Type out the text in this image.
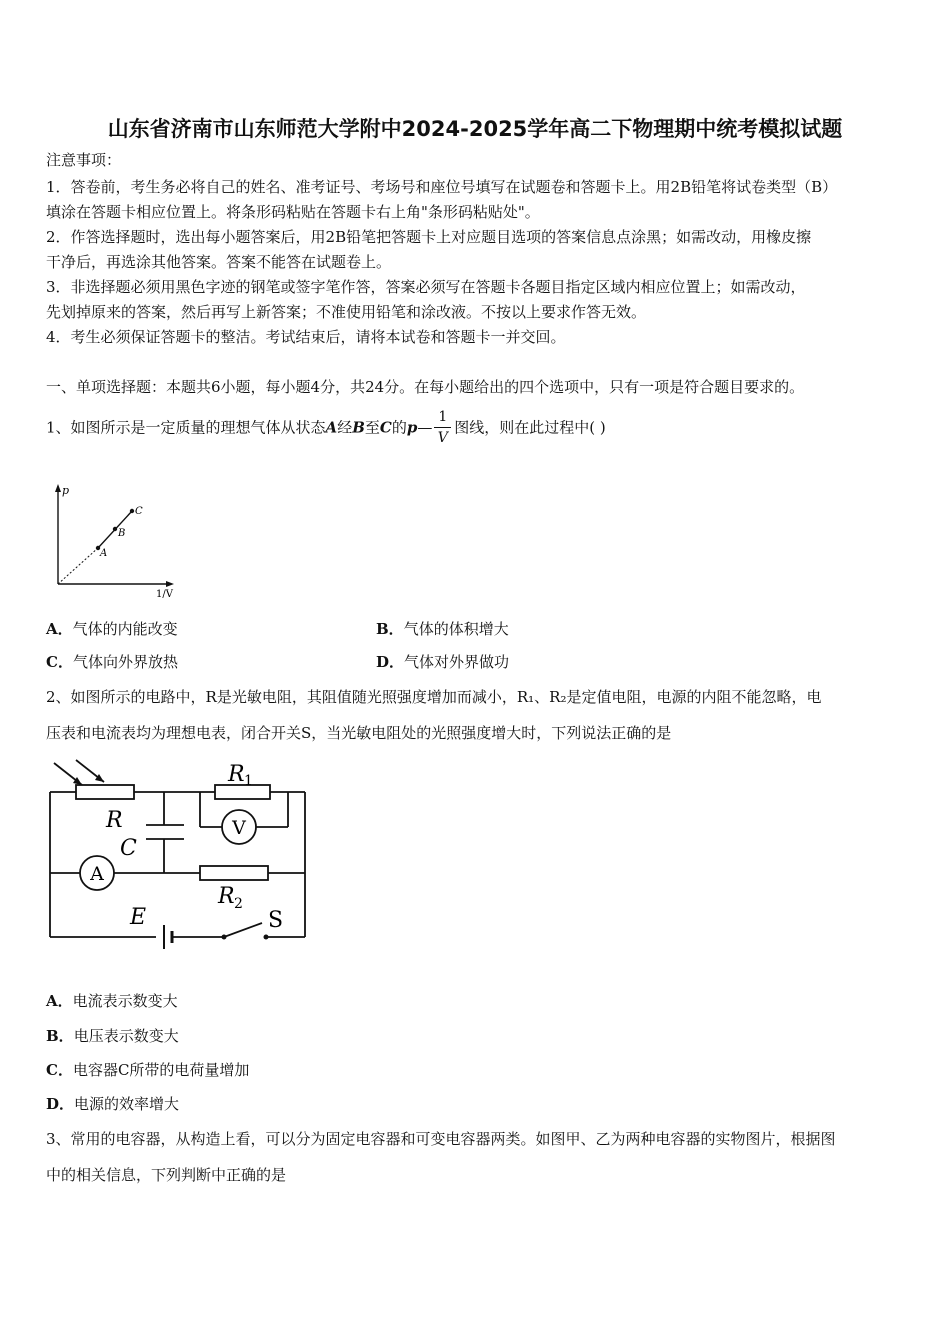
山东省济南市山东师范大学附中2024-2025学年高二下物理期中统考模拟试题
注意事项：
1．答卷前，考生务必将自己的姓名、准考证号、考场号和座位号填写在试题卷和答题卡上。用2B铅笔将试卷类型（B）
填涂在答题卡相应位置上。将条形码粘贴在答题卡右上角"条形码粘贴处"。
2．作答选择题时，选出每小题答案后，用2B铅笔把答题卡上对应题目选项的答案信息点涂黑；如需改动，用橡皮擦
干净后，再选涂其他答案。答案不能答在试题卷上。
3．非选择题必须用黑色字迹的钢笔或签字笔作答，答案必须写在答题卡各题目指定区域内相应位置上；如需改动，
先划掉原来的答案，然后再写上新答案；不准使用铅笔和涂改液。不按以上要求作答无效。
4．考生必须保证答题卡的整洁。考试结束后，请将本试卷和答题卡一并交回。
一、单项选择题：本题共6小题，每小题4分，共24分。在每小题给出的四个选项中，只有一项是符合题目要求的。
1、如图所示是一定质量的理想气体从状态A经B至C的p— $\frac{1}{V}$ 图线，则在此过程中( )
p
1/V
A
B
C
A．气体的内能改变	B．气体的体积增大
C．气体向外界放热	D．气体对外界做功
2、如图所示的电路中，R是光敏电阻，其阻值随光照强度增加而减小，R₁、R₂是定值电阻，电源的内阻不能忽略，电
压表和电流表均为理想电表，闭合开关S，当光敏电阻处的光照强度增大时，下列说法正确的是
V
A
R
C
R 1
R 2
E	S
A．电流表示数变大
B．电压表示数变大
C．电容器C所带的电荷量增加
D．电源的效率增大
3、常用的电容器，从构造上看，可以分为固定电容器和可变电容器两类。如图甲、乙为两种电容器的实物图片，根据图
中的相关信息，下列判断中正确的是
